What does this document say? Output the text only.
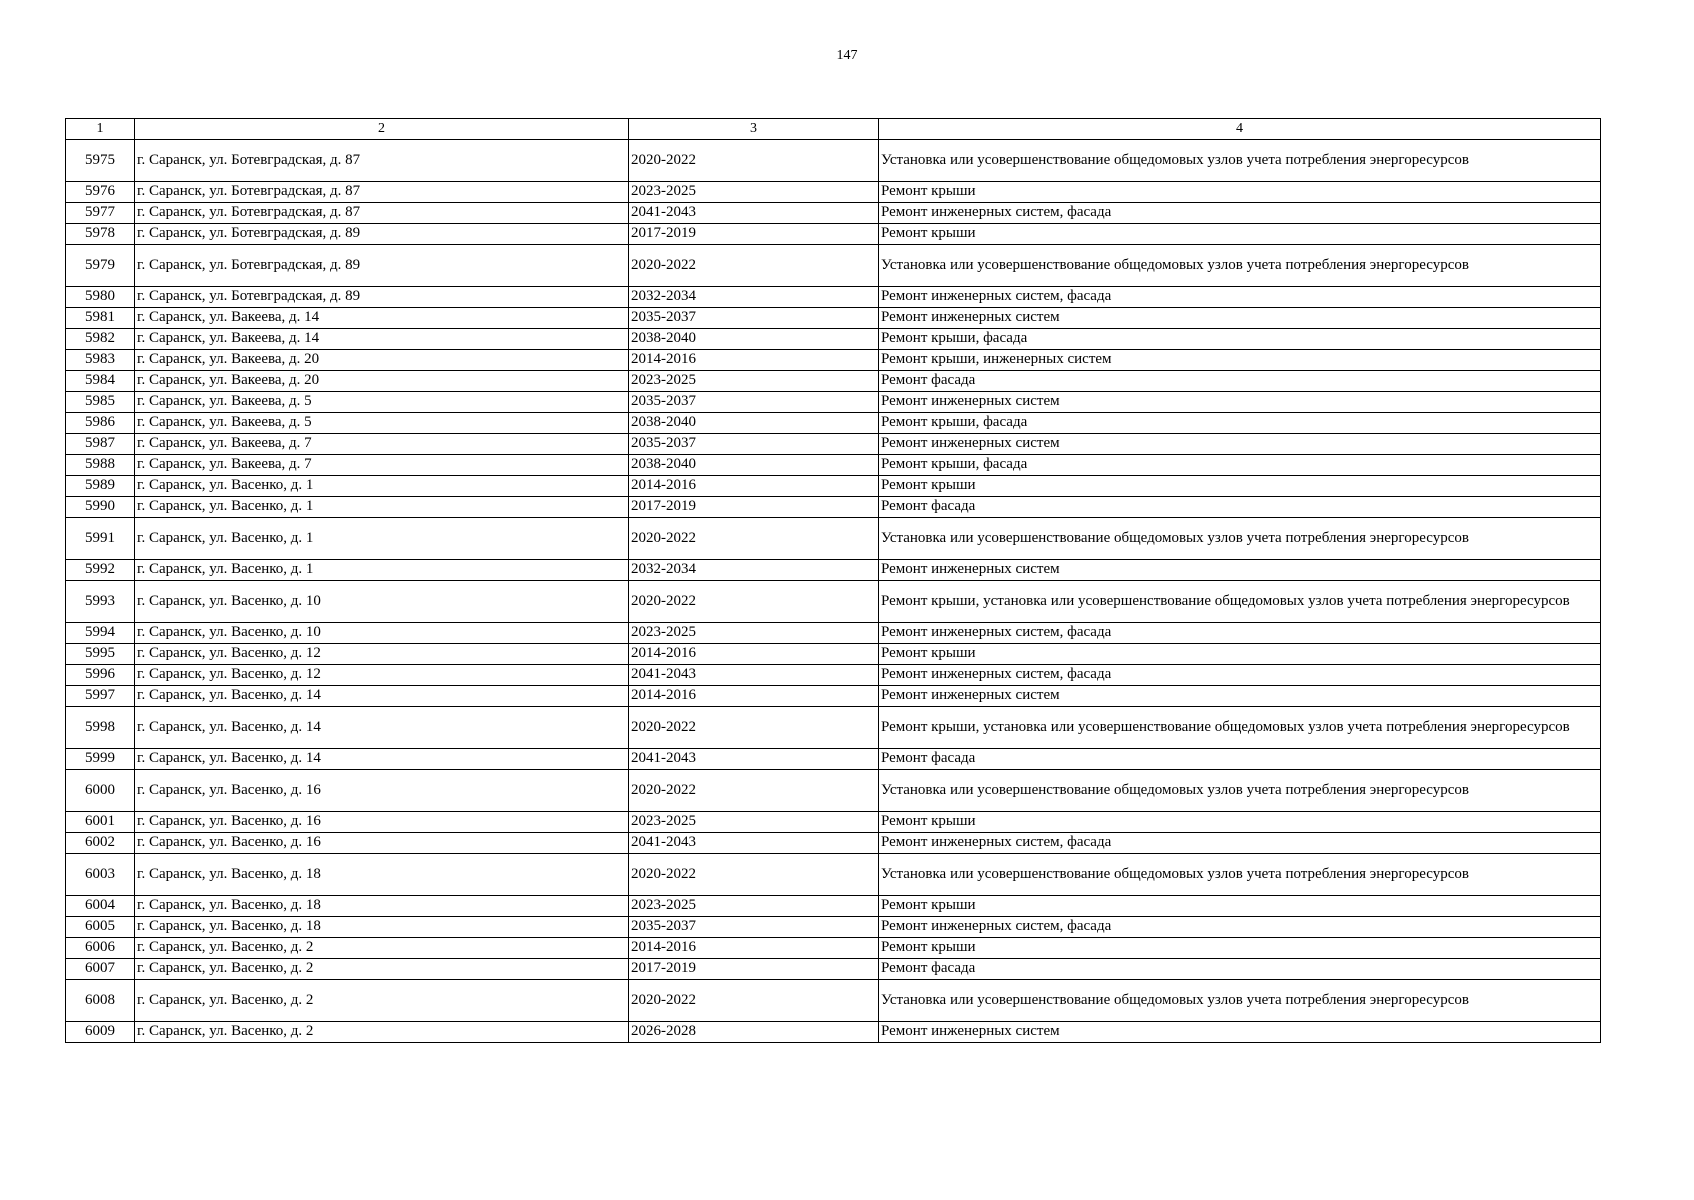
147
1	2	3	4
5975	г. Саранск, ул. Ботевградская, д. 87	2020-2022	Установка или усовершенствование общедомовых узлов учета потребления энергоресурсов
5976	г. Саранск, ул. Ботевградская, д. 87	2023-2025	Ремонт крыши
5977	г. Саранск, ул. Ботевградская, д. 87	2041-2043	Ремонт инженерных систем, фасада
5978	г. Саранск, ул. Ботевградская, д. 89	2017-2019	Ремонт крыши
5979	г. Саранск, ул. Ботевградская, д. 89	2020-2022	Установка или усовершенствование общедомовых узлов учета потребления энергоресурсов
5980	г. Саранск, ул. Ботевградская, д. 89	2032-2034	Ремонт инженерных систем, фасада
5981	г. Саранск, ул. Вакеева, д. 14	2035-2037	Ремонт инженерных систем
5982	г. Саранск, ул. Вакеева, д. 14	2038-2040	Ремонт крыши, фасада
5983	г. Саранск, ул. Вакеева, д. 20	2014-2016	Ремонт крыши, инженерных систем
5984	г. Саранск, ул. Вакеева, д. 20	2023-2025	Ремонт фасада
5985	г. Саранск, ул. Вакеева, д. 5	2035-2037	Ремонт инженерных систем
5986	г. Саранск, ул. Вакеева, д. 5	2038-2040	Ремонт крыши, фасада
5987	г. Саранск, ул. Вакеева, д. 7	2035-2037	Ремонт инженерных систем
5988	г. Саранск, ул. Вакеева, д. 7	2038-2040	Ремонт крыши, фасада
5989	г. Саранск, ул. Васенко, д. 1	2014-2016	Ремонт крыши
5990	г. Саранск, ул. Васенко, д. 1	2017-2019	Ремонт фасада
5991	г. Саранск, ул. Васенко, д. 1	2020-2022	Установка или усовершенствование общедомовых узлов учета потребления энергоресурсов
5992	г. Саранск, ул. Васенко, д. 1	2032-2034	Ремонт инженерных систем
5993	г. Саранск, ул. Васенко, д. 10	2020-2022	Ремонт крыши, установка или усовершенствование общедомовых узлов учета потребления энергоресурсов
5994	г. Саранск, ул. Васенко, д. 10	2023-2025	Ремонт инженерных систем, фасада
5995	г. Саранск, ул. Васенко, д. 12	2014-2016	Ремонт крыши
5996	г. Саранск, ул. Васенко, д. 12	2041-2043	Ремонт инженерных систем, фасада
5997	г. Саранск, ул. Васенко, д. 14	2014-2016	Ремонт инженерных систем
5998	г. Саранск, ул. Васенко, д. 14	2020-2022	Ремонт крыши, установка или усовершенствование общедомовых узлов учета потребления энергоресурсов
5999	г. Саранск, ул. Васенко, д. 14	2041-2043	Ремонт фасада
6000	г. Саранск, ул. Васенко, д. 16	2020-2022	Установка или усовершенствование общедомовых узлов учета потребления энергоресурсов
6001	г. Саранск, ул. Васенко, д. 16	2023-2025	Ремонт крыши
6002	г. Саранск, ул. Васенко, д. 16	2041-2043	Ремонт инженерных систем, фасада
6003	г. Саранск, ул. Васенко, д. 18	2020-2022	Установка или усовершенствование общедомовых узлов учета потребления энергоресурсов
6004	г. Саранск, ул. Васенко, д. 18	2023-2025	Ремонт крыши
6005	г. Саранск, ул. Васенко, д. 18	2035-2037	Ремонт инженерных систем, фасада
6006	г. Саранск, ул. Васенко, д. 2	2014-2016	Ремонт крыши
6007	г. Саранск, ул. Васенко, д. 2	2017-2019	Ремонт фасада
6008	г. Саранск, ул. Васенко, д. 2	2020-2022	Установка или усовершенствование общедомовых узлов учета потребления энергоресурсов
6009	г. Саранск, ул. Васенко, д. 2	2026-2028	Ремонт инженерных систем
